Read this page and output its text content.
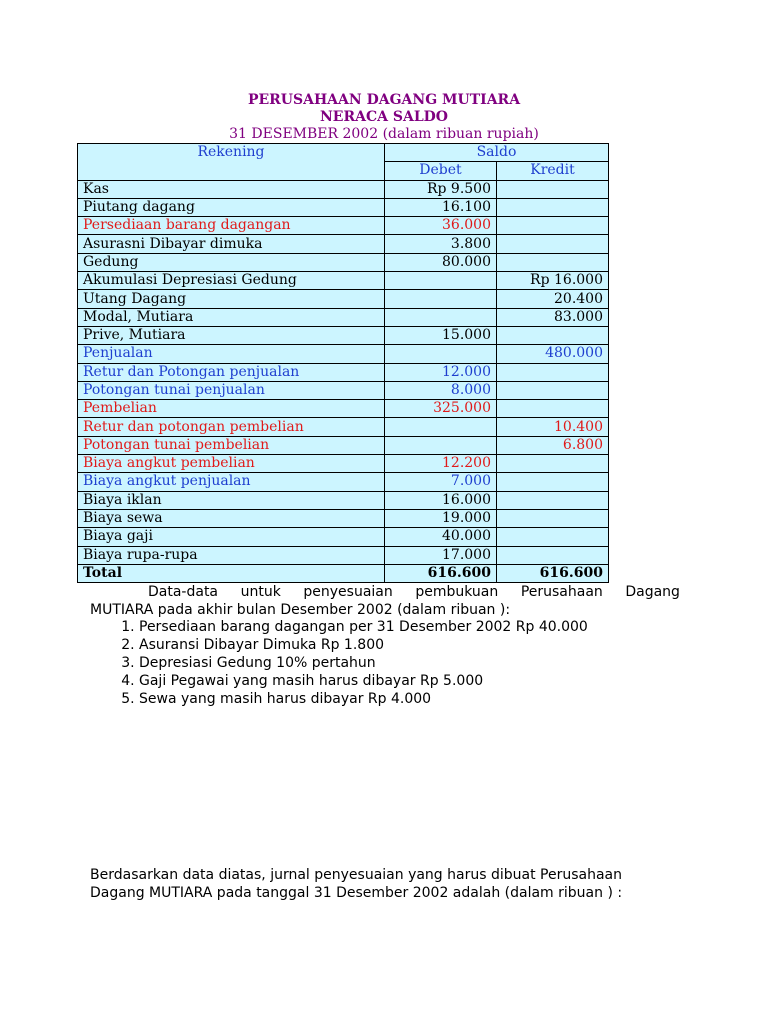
PERUSAHAAN DAGANG MUTIARA
NERACA SALDO
31 DESEMBER 2002 (dalam ribuan rupiah)
Rekening	Saldo	
	Debet	Kredit
Kas	Rp 9.500	
Piutang dagang	16.100	
Persediaan barang dagangan	36.000	
Asurasni Dibayar dimuka	3.800	
Gedung	80.000	
Akumulasi Depresiasi Gedung		Rp 16.000
Utang Dagang		20.400
Modal, Mutiara		83.000
Prive, Mutiara	15.000	
Penjualan		480.000
Retur dan Potongan penjualan	12.000	
Potongan tunai penjualan	8.000	
Pembelian	325.000	
Retur dan potongan pembelian		10.400
Potongan tunai pembelian		6.800
Biaya angkut pembelian	12.200	
Biaya angkut penjualan	7.000	
Biaya iklan	16.000	
Biaya sewa	19.000	
Biaya gaji	40.000	
Biaya rupa-rupa	17.000	
Total	616.600	616.600
Data-data untuk penyesuaian pembukuan Perusahaan Dagang
MUTIARA pada akhir bulan Desember 2002 (dalam ribuan ):
1. Persediaan barang dagangan per 31 Desember 2002 Rp 40.000
2. Asuransi Dibayar Dimuka Rp 1.800
3. Depresiasi Gedung 10% pertahun
4. Gaji Pegawai yang masih harus dibayar Rp 5.000
5. Sewa yang masih harus dibayar Rp 4.000
Berdasarkan data diatas, jurnal penyesuaian yang harus dibuat Perusahaan
Dagang MUTIARA pada tanggal 31 Desember 2002 adalah (dalam ribuan ) :
